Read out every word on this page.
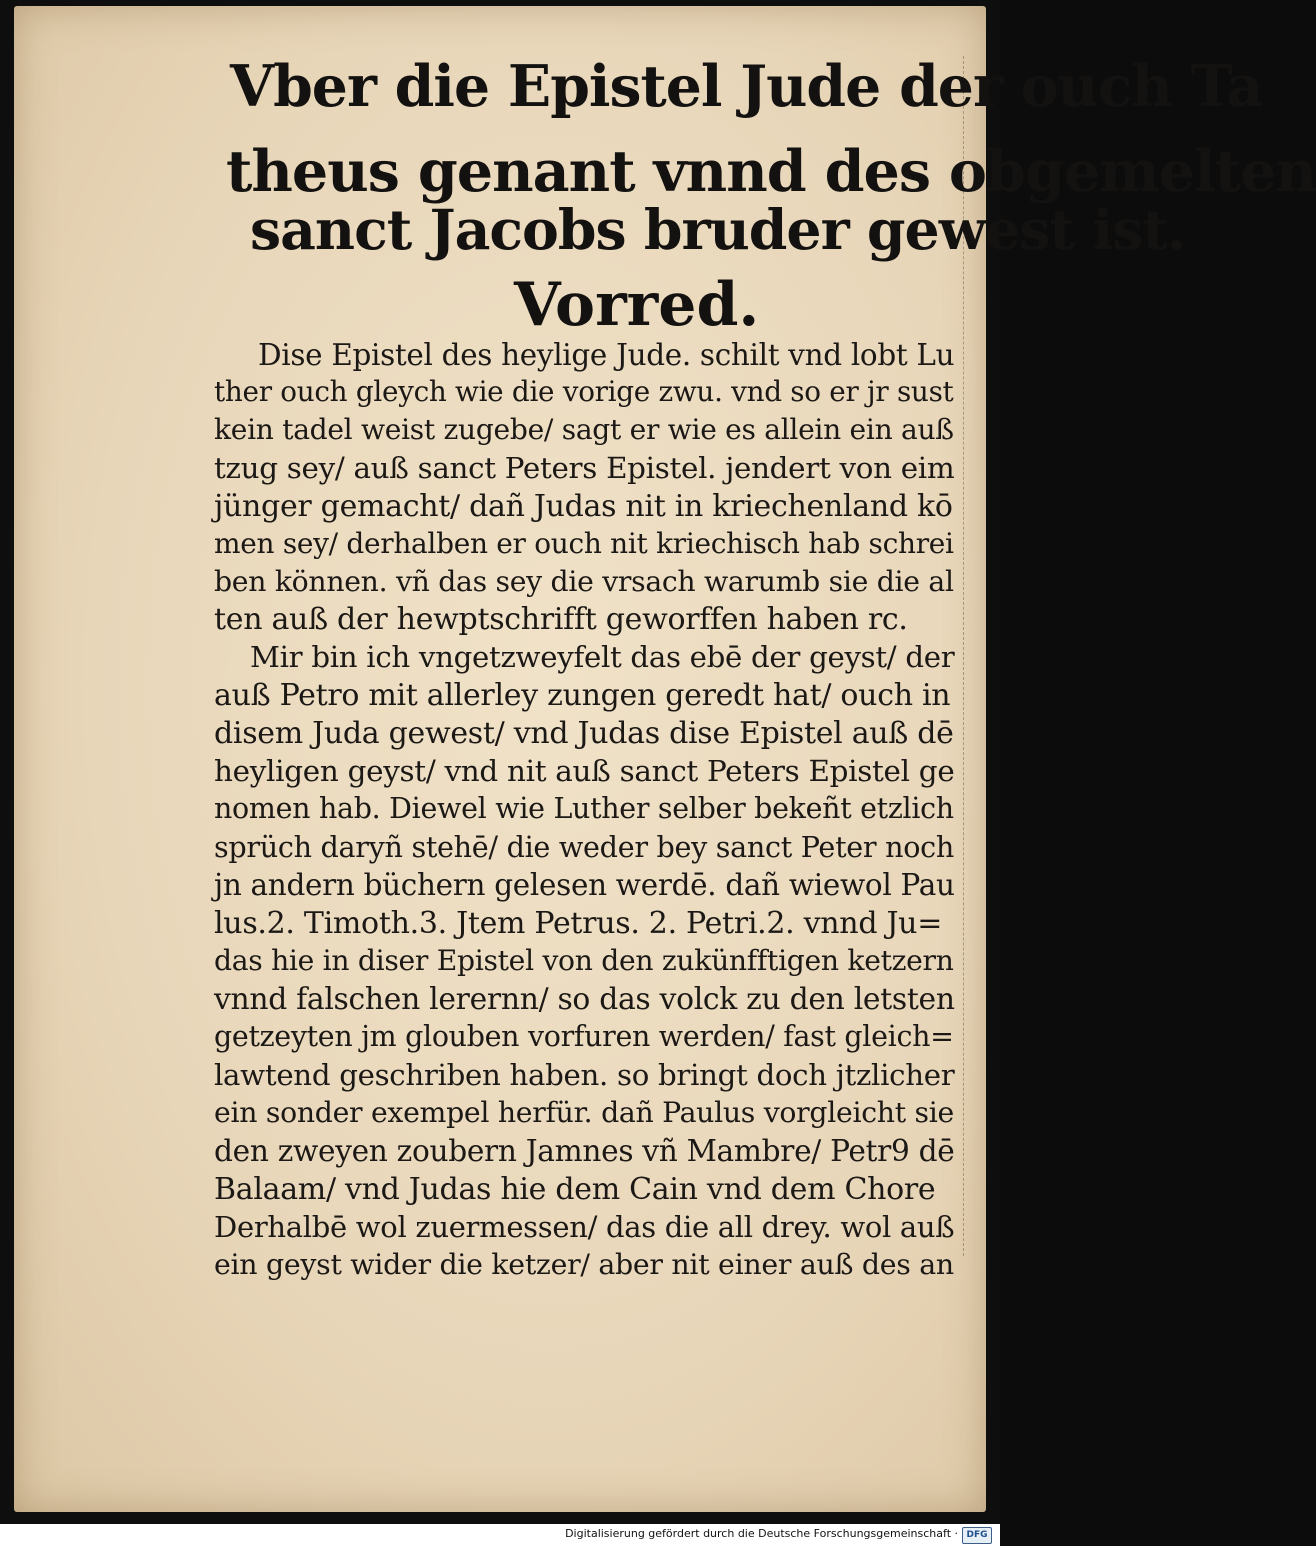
Vber die Epistel Jude der ouch Ta
theus genant vnnd des obgemelten
sanct Jacobs bruder gewest ist.
Vorred.

Dise Epistel des heylige Jude. schilt vnd lobt Lu

ther ouch gleych wie die vorige zwu. vnd so er jr sust

kein tadel weist zugebe/ sagt er wie es allein ein auß

tzug sey/ auß sanct Peters Epistel. jendert von eim

jünger gemacht/ dañ Judas nit in kriechenland kō

men sey/ derhalben er ouch nit kriechisch hab schrei

ben können. vñ das sey die vrsach warumb sie die al

ten auß der hewptschrifft geworffen haben rc.

Mir bin ich vngetzweyfelt das ebē der geyst/ der

auß Petro mit allerley zungen geredt hat/ ouch in

disem Juda gewest/ vnd Judas dise Epistel auß dē

heyligen geyst/ vnd nit auß sanct Peters Epistel ge

nomen hab. Diewel wie Luther selber bekeñt etzlich

sprüch daryñ stehē/ die weder bey sanct Peter noch

jn andern büchern gelesen werdē. dañ wiewol Pau

lus.2. Timoth.3. Jtem Petrus. 2. Petri.2. vnnd Ju=

das hie in diser Epistel von den zukünfftigen ketzern

vnnd falschen lerernn/ so das volck zu den letsten

getzeyten jm glouben vorfuren werden/ fast gleich=

lawtend geschriben haben. so bringt doch jtzlicher

ein sonder exempel herfür. dañ Paulus vorgleicht sie

den zweyen zoubern Jamnes vñ Mambre/ Petr9 dē

Balaam/ vnd Judas hie dem Cain vnd dem Chore

Derhalbē wol zuermessen/ das die all drey. wol auß

ein geyst wider die ketzer/ aber nit einer auß des an

Digitalisierung gefördert durch die Deutsche Forschungsgemeinschaft · DFG
